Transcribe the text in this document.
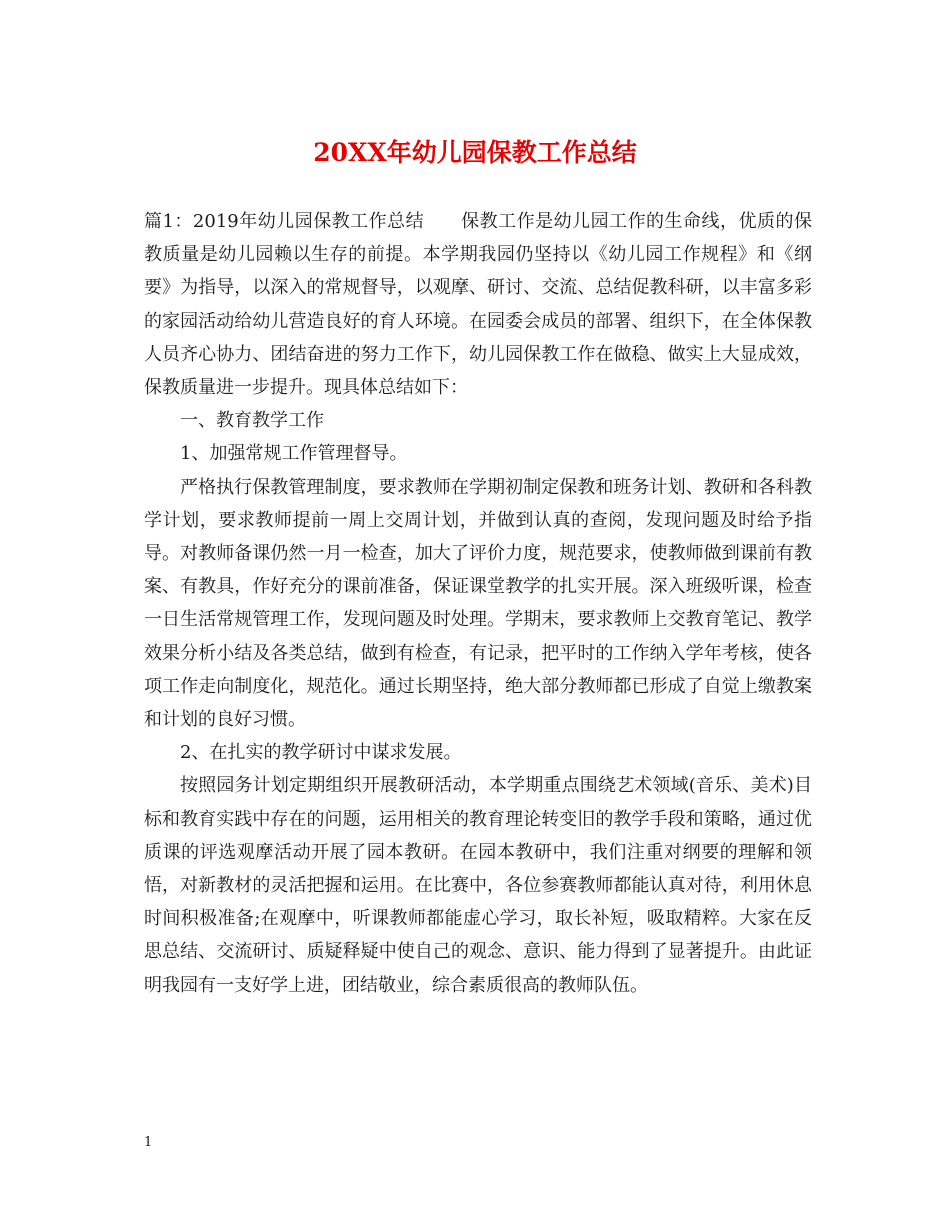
20XX年幼儿园保教工作总结

篇1：2019年幼儿园保教工作总结　　保教工作是幼儿园工作的生命线，优质的保教质量是幼儿园赖以生存的前提。本学期我园仍坚持以《幼儿园工作规程》和《纲要》为指导，以深入的常规督导，以观摩、研讨、交流、总结促教科研，以丰富多彩的家园活动给幼儿营造良好的育人环境。在园委会成员的部署、组织下，在全体保教人员齐心协力、团结奋进的努力工作下，幼儿园保教工作在做稳、做实上大显成效，保教质量进一步提升。现具体总结如下：

一、教育教学工作

1、加强常规工作管理督导。

严格执行保教管理制度，要求教师在学期初制定保教和班务计划、教研和各科教学计划，要求教师提前一周上交周计划，并做到认真的查阅，发现问题及时给予指导。对教师备课仍然一月一检查，加大了评价力度，规范要求，使教师做到课前有教案、有教具，作好充分的课前准备，保证课堂教学的扎实开展。深入班级听课，检查一日生活常规管理工作，发现问题及时处理。学期末，要求教师上交教育笔记、教学效果分析小结及各类总结，做到有检查，有记录，把平时的工作纳入学年考核，使各项工作走向制度化，规范化。通过长期坚持，绝大部分教师都已形成了自觉上缴教案和计划的良好习惯。

2、在扎实的教学研讨中谋求发展。

按照园务计划定期组织开展教研活动，本学期重点围绕艺术领域(音乐、美术)目标和教育实践中存在的问题，运用相关的教育理论转变旧的教学手段和策略，通过优质课的评选观摩活动开展了园本教研。在园本教研中，我们注重对纲要的理解和领悟，对新教材的灵活把握和运用。在比赛中，各位参赛教师都能认真对待，利用休息时间积极准备;在观摩中，听课教师都能虚心学习，取长补短，吸取精粹。大家在反思总结、交流研讨、质疑释疑中使自己的观念、意识、能力得到了显著提升。由此证明我园有一支好学上进，团结敬业，综合素质很高的教师队伍。

1
